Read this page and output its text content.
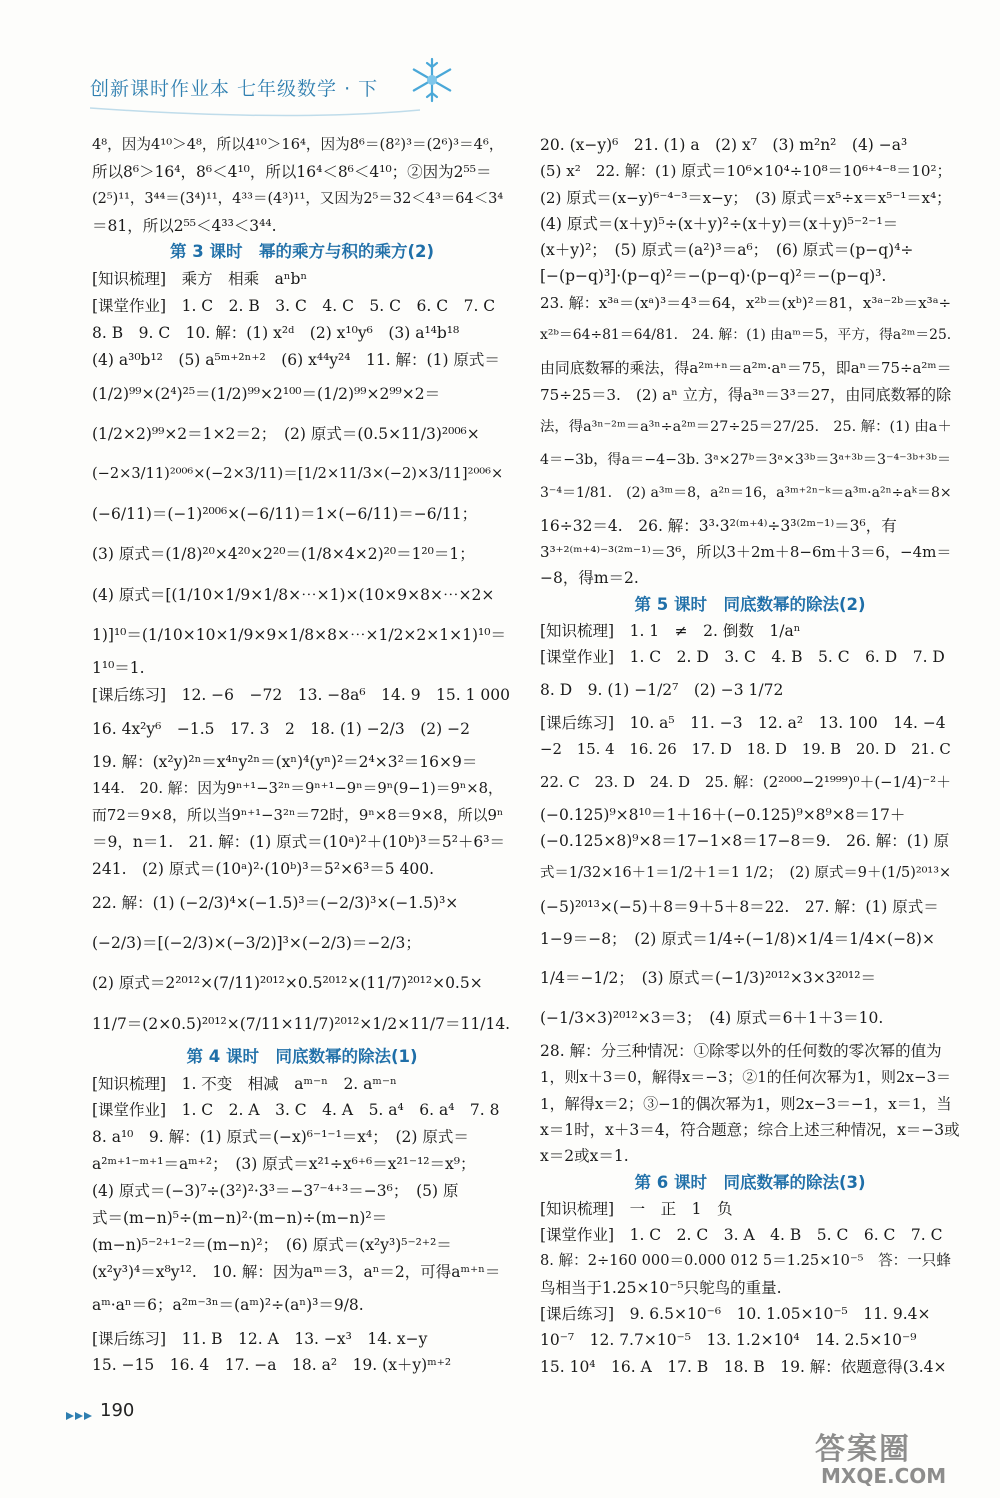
创新课时作业本 七年级数学 · 下
4⁸，因为4¹⁰＞4⁸，所以4¹⁰＞16⁴，因为8⁶＝(8²)³＝(2⁶)³＝4⁶，
所以8⁶＞16⁴，8⁶＜4¹⁰，所以16⁴＜8⁶＜4¹⁰；②因为2⁵⁵＝
(2⁵)¹¹，3⁴⁴＝(3⁴)¹¹，4³³＝(4³)¹¹，又因为2⁵＝32＜4³＝64＜3⁴
＝81，所以2⁵⁵＜4³³＜3⁴⁴.
第 3 课时　幂的乘方与积的乘方(2)
[知识梳理]　乘方　相乘　aⁿbⁿ
[课堂作业]　1. C　2. B　3. C　4. C　5. C　6. C　7. C
8. B　9. C　10. 解：(1) x²ᵈ　(2) x¹⁰y⁶　(3) a¹⁴b¹⁸
(4) a³⁰b¹²　(5) a⁵ᵐ⁺²ⁿ⁺²　(6) x⁴⁴y²⁴　11. 解：(1) 原式＝
(1/2)⁹⁹×(2⁴)²⁵＝(1/2)⁹⁹×2¹⁰⁰＝(1/2)⁹⁹×2⁹⁹×2＝
(1/2×2)⁹⁹×2＝1×2＝2；　(2) 原式＝(0.5×11/3)²⁰⁰⁶×
(−2×3/11)²⁰⁰⁶×(−2×3/11)＝[1/2×11/3×(−2)×3/11]²⁰⁰⁶×
(−6/11)＝(−1)²⁰⁰⁶×(−6/11)＝1×(−6/11)＝−6/11；
(3) 原式＝(1/8)²⁰×4²⁰×2²⁰＝(1/8×4×2)²⁰＝1²⁰＝1；
(4) 原式＝[(1/10×1/9×1/8×⋯×1)×(10×9×8×⋯×2×
1)]¹⁰＝(1/10×10×1/9×9×1/8×8×⋯×1/2×2×1×1)¹⁰＝
1¹⁰＝1.
[课后练习]　12. −6　−72　13. −8a⁶　14. 9　15. 1 000
16. 4x²y⁶　−1.5　17. 3　2　18. (1) −2/3　(2) −2
19. 解：(x²y)²ⁿ＝x⁴ⁿy²ⁿ＝(xⁿ)⁴(yⁿ)²＝2⁴×3²＝16×9＝
144.　20. 解：因为9ⁿ⁺¹−3²ⁿ＝9ⁿ⁺¹−9ⁿ＝9ⁿ(9−1)＝9ⁿ×8，
而72＝9×8，所以当9ⁿ⁺¹−3²ⁿ＝72时，9ⁿ×8＝9×8，所以9ⁿ
＝9，n＝1.　21. 解：(1) 原式＝(10ᵃ)²＋(10ᵇ)³＝5²＋6³＝
241.　(2) 原式＝(10ᵃ)²·(10ᵇ)³＝5²×6³＝5 400.
22. 解：(1) (−2/3)⁴×(−1.5)³＝(−2/3)³×(−1.5)³×
(−2/3)＝[(−2/3)×(−3/2)]³×(−2/3)＝−2/3；
(2) 原式＝2²⁰¹²×(7/11)²⁰¹²×0.5²⁰¹²×(11/7)²⁰¹²×0.5×
11/7＝(2×0.5)²⁰¹²×(7/11×11/7)²⁰¹²×1/2×11/7＝11/14.
第 4 课时　同底数幂的除法(1)
[知识梳理]　1. 不变　相减　aᵐ⁻ⁿ　2. aᵐ⁻ⁿ
[课堂作业]　1. C　2. A　3. C　4. A　5. a⁴　6. a⁴　7. 8
8. a¹⁰　9. 解：(1) 原式＝(−x)⁶⁻¹⁻¹＝x⁴；　(2) 原式＝
a²ᵐ⁺¹⁻ᵐ⁺¹＝aᵐ⁺²；　(3) 原式＝x²¹÷x⁶⁺⁶＝x²¹⁻¹²＝x⁹；
(4) 原式＝(−3)⁷÷(3²)²·3³＝−3⁷⁻⁴⁺³＝−3⁶；　(5) 原
式＝(m−n)⁵÷(m−n)²·(m−n)÷(m−n)²＝
(m−n)⁵⁻²⁺¹⁻²＝(m−n)²；　(6) 原式＝(x²y³)⁵⁻²⁺²＝
(x²y³)⁴＝x⁸y¹².　10. 解：因为aᵐ＝3，aⁿ＝2，可得aᵐ⁺ⁿ＝
aᵐ·aⁿ＝6；a²ᵐ⁻³ⁿ＝(aᵐ)²÷(aⁿ)³＝9/8.
[课后练习]　11. B　12. A　13. −x³　14. x−y
15. −15　16. 4　17. −a　18. a²　19. (x＋y)ᵐ⁺²
20. (x−y)⁶　21. (1) a　(2) x⁷　(3) m²n²　(4) −a³
(5) x²　22. 解：(1) 原式＝10⁶×10⁴÷10⁸＝10⁶⁺⁴⁻⁸＝10²；
(2) 原式＝(x−y)⁶⁻⁴⁻³＝x−y；　(3) 原式＝x⁵÷x＝x⁵⁻¹＝x⁴；
(4) 原式＝(x＋y)⁵÷(x＋y)²÷(x＋y)＝(x＋y)⁵⁻²⁻¹＝
(x＋y)²；　(5) 原式＝(a²)³＝a⁶；　(6) 原式＝(p−q)⁴÷
[−(p−q)³]·(p−q)²＝−(p−q)·(p−q)²＝−(p−q)³.
23. 解：x³ᵃ＝(xᵃ)³＝4³＝64，x²ᵇ＝(xᵇ)²＝81，x³ᵃ⁻²ᵇ＝x³ᵃ÷
x²ᵇ＝64÷81＝64/81.　24. 解：(1) 由aᵐ＝5，平方，得a²ᵐ＝25.
由同底数幂的乘法，得a²ᵐ⁺ⁿ＝a²ᵐ·aⁿ＝75，即aⁿ＝75÷a²ᵐ＝
75÷25＝3.　(2) aⁿ 立方，得a³ⁿ＝3³＝27，由同底数幂的除
法，得a³ⁿ⁻²ᵐ＝a³ⁿ÷a²ᵐ＝27÷25＝27/25.　25. 解：(1) 由a＋
4＝−3b，得a＝−4−3b. 3ᵃ×27ᵇ＝3ᵃ×3³ᵇ＝3ᵃ⁺³ᵇ＝3⁻⁴⁻³ᵇ⁺³ᵇ＝
3⁻⁴＝1/81.　(2) a³ᵐ＝8，a²ⁿ＝16，a³ᵐ⁺²ⁿ⁻ᵏ＝a³ᵐ·a²ⁿ÷aᵏ＝8×
16÷32＝4.　26. 解：3³·3²⁽ᵐ⁺⁴⁾÷3³⁽²ᵐ⁻¹⁾＝3⁶，有
3³⁺²⁽ᵐ⁺⁴⁾⁻³⁽²ᵐ⁻¹⁾＝3⁶，所以3＋2m＋8−6m＋3＝6，−4m＝
−8，得m＝2.
第 5 课时　同底数幂的除法(2)
[知识梳理]　1. 1　≠　2. 倒数　1/aⁿ
[课堂作业]　1. C　2. D　3. C　4. B　5. C　6. D　7. D
8. D　9. (1) −1/2⁷　(2) −3 1/72
[课后练习]　10. a⁵　11. −3　12. a²　13. 100　14. −4
−2　15. 4　16. 26　17. D　18. D　19. B　20. D　21. C
22. C　23. D　24. D　25. 解：(2²⁰⁰⁰−2¹⁹⁹⁹)⁰＋(−1/4)⁻²＋
(−0.125)⁹×8¹⁰＝1＋16＋(−0.125)⁹×8⁹×8＝17＋
(−0.125×8)⁹×8＝17−1×8＝17−8＝9.　26. 解：(1) 原
式＝1/32×16＋1＝1/2＋1＝1 1/2；　(2) 原式＝9＋(1/5)²⁰¹³×
(−5)²⁰¹³×(−5)＋8＝9＋5＋8＝22.　27. 解：(1) 原式＝
1−9＝−8；　(2) 原式＝1/4÷(−1/8)×1/4＝1/4×(−8)×
1/4＝−1/2；　(3) 原式＝(−1/3)²⁰¹²×3×3²⁰¹²＝
(−1/3×3)²⁰¹²×3＝3；　(4) 原式＝6＋1＋3＝10.
28. 解：分三种情况：①除零以外的任何数的零次幂的值为
1，则x＋3＝0，解得x＝−3；②1的任何次幂为1，则2x−3＝
1，解得x＝2；③−1的偶次幂为1，则2x−3＝−1，x＝1，当
x＝1时，x＋3＝4，符合题意；综合上述三种情况，x＝−3或
x＝2或x＝1.
第 6 课时　同底数幂的除法(3)
[知识梳理]　一　正　1　负
[课堂作业]　1. C　2. C　3. A　4. B　5. C　6. C　7. C
8. 解：2÷160 000＝0.000 012 5＝1.25×10⁻⁵　答：一只蜂
鸟相当于1.25×10⁻⁵只鸵鸟的重量.
[课后练习]　9. 6.5×10⁻⁶　10. 1.05×10⁻⁵　11. 9.4×
10⁻⁷　12. 7.7×10⁻⁵　13. 1.2×10⁴　14. 2.5×10⁻⁹
15. 10⁴　16. A　17. B　18. B　19. 解：依题意得(3.4×
190
答案圈
MXQE.COM
